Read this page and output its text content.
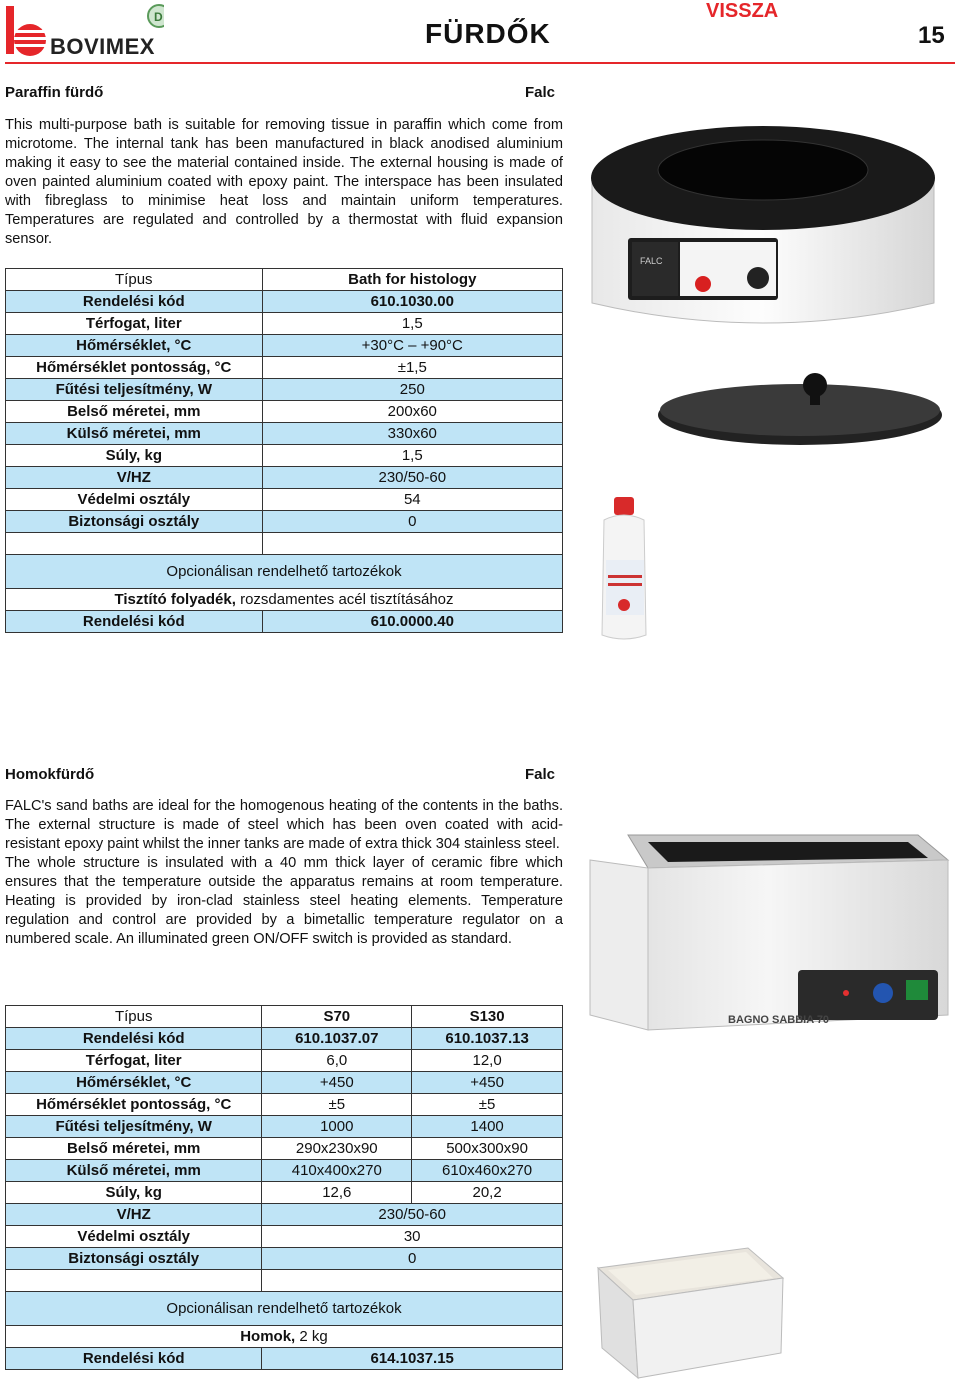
D
BOVIMEX	FÜRDŐK
VISSZA
15
Paraffin fürdő	Falc

This multi-purpose bath is suitable for removing tissue in paraffin which come from microtome. The internal tank has been manufactured in black anodised aluminium making it easy to see the material contained inside. The external housing is made of oven painted aluminium coated with epoxy paint. The interspace has been insulated with fibreglass to minimise heat loss and maintain uniform temperatures. Temperatures are regulated and controlled by a thermostat with fluid expansion sensor.

Típus	Bath for histology
Rendelési kód	610.1030.00
Térfogat, liter	1,5
Hőmérséklet, °C	+30°C – +90°C
Hőmérséklet pontosság, °C	±1,5
Fűtési teljesítmény, W	250
Belső méretei, mm	200x60
Külső méretei, mm	330x60
Súly, kg	1,5
V/HZ	230/50-60
Védelmi osztály	54
Biztonsági osztály	0

Opcionálisan rendelhető tartozékok	
Tisztító folyadék, rozsdamentes acél tisztításához	
Rendelési kód	610.0000.40
FALC
Homokfürdő	Falc

FALC's sand baths are ideal for the homogenous heating of the contents in the baths. The external structure is made of steel which has been oven coated with acid-resistant epoxy paint whilst the inner tanks are made of extra thick 304 stainless steel.

The whole structure is insulated with a 40 mm thick layer of ceramic fibre which ensures that the temperature outside the apparatus remains at room temperature. Heating is provided by iron-clad stainless steel heating elements. Temperature regulation and control are provided by a bimetallic temperature regulator on a numbered scale. An illuminated green ON/OFF switch is provided as standard.

Típus	S70	S130
Rendelési kód	610.1037.07	610.1037.13
Térfogat, liter	6,0	12,0
Hőmérséklet, °C	+450	+450
Hőmérséklet pontosság, °C	±5	±5
Fűtési teljesítmény, W	1000	1400
Belső méretei, mm	290x230x90	500x300x90
Külső méretei, mm	410x400x270	610x460x270
Súly, kg	12,6	20,2
V/HZ	230/50-60	
Védelmi osztály	30	
Biztonsági osztály	0	

Opcionálisan rendelhető tartozékok		
Homok, 2 kg		
Rendelési kód	614.1037.15	
BAGNO SABBIA 70
